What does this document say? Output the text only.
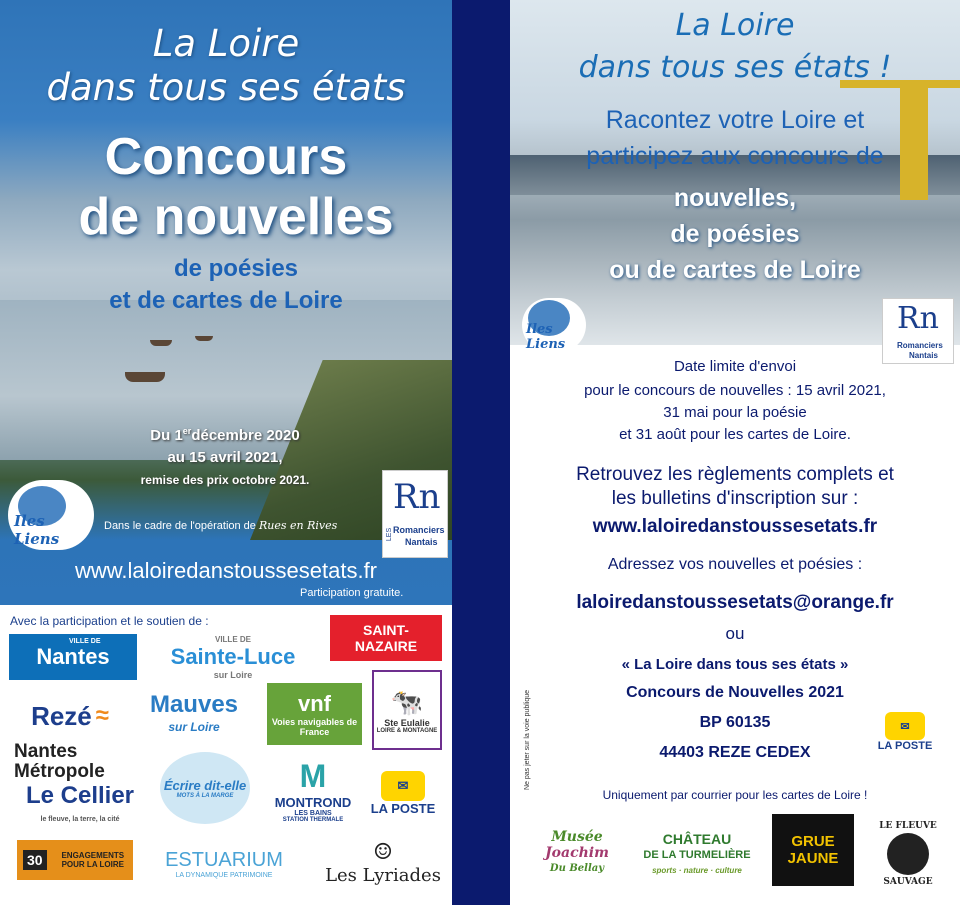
La Loire
dans tous ses états
Concours
de nouvelles
de poésies
et de cartes de Loire
Du 1erdécembre 2020
au 15 avril 2021,
remise des prix octobre 2021.
Iles Liens
Rn
Romanciers
Nantais
LES
Dans le cadre de l'opération de Rues en Rives
www.laloiredanstoussesetats.fr
Participation gratuite.
Avec la participation et le soutien de :
VILLE DE
Nantes
VILLE DE
Sainte-Luce
sur Loire
SAINT-
NAZAIRE
Rezé ≈ Mauves
sur Loire
vnf
Voies navigables de France
🐄
Ste Eulalie
LOIRE & MONTAGNE
Nantes
Métropole
Écrire dit-elle
MOTS À LA MARGE
M
MONTROND
LES BAINS
STATION THERMALE
✉
LA POSTE
Le Cellier
le fleuve, la terre, la cité
30	ENGAGEMENTS POUR LA LOIRE	ESTUARIUM
LA DYNAMIQUE PATRIMOINE
☺
Les Lyriades
La Loire
dans tous ses états !
Racontez votre Loire et
participez aux concours de
nouvelles,
de poésies
ou de cartes de Loire
Iles Liens
Rn
Romanciers
Nantais
Date limite d'envoi
pour le concours de nouvelles : 15 avril 2021,
31 mai pour la poésie
et 31 août pour les cartes de Loire.
Retrouvez les règlements complets et
les bulletins d'inscription sur :
www.laloiredanstoussesetats.fr
Adressez vos nouvelles et poésies :
laloiredanstoussesetats@orange.fr
ou
« La Loire dans tous ses états »
Concours de Nouvelles 2021
BP 60135
44403 REZE CEDEX
✉
LA POSTE
Ne pas jeter sur la voie publique
Uniquement par courrier pour les cartes de Loire !
Musée
Joachim
Du Bellay
CHÂTEAU
DE LA TURMELIÈRE
sports · nature · culture
GRUE
JAUNE
LE FLEUVE
SAUVAGE
